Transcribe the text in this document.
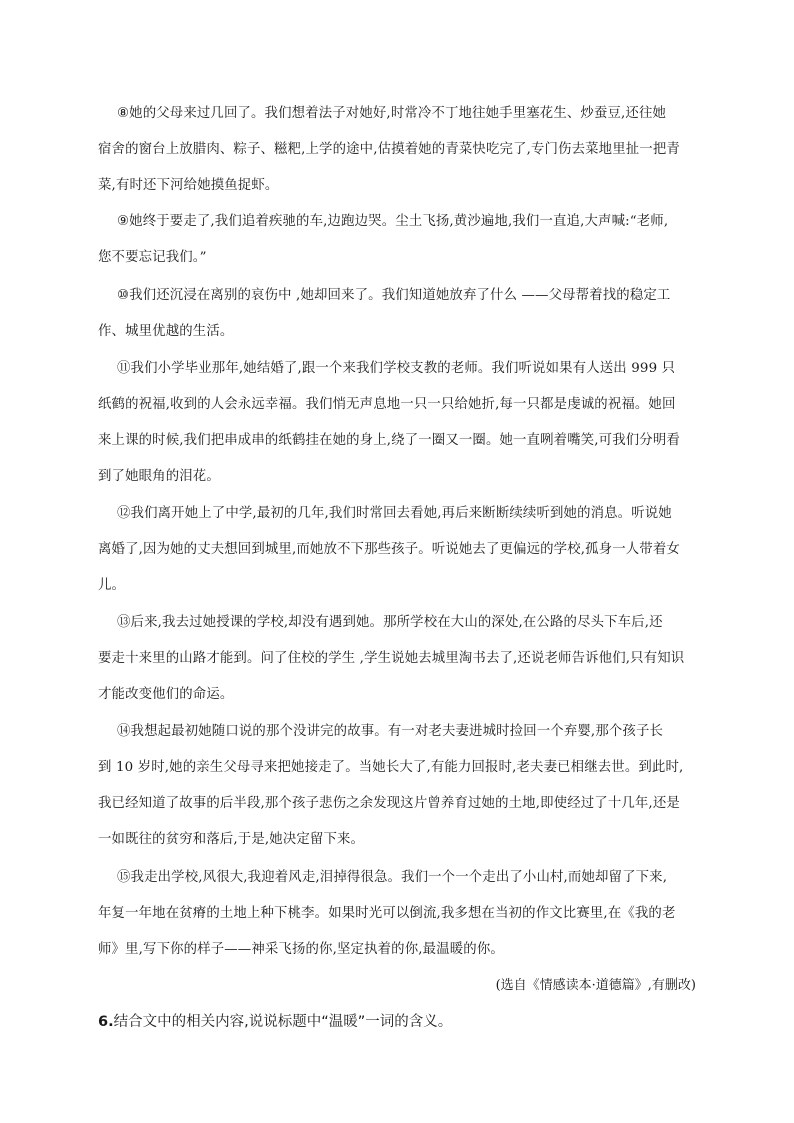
⑧她的父母来过几回了。我们想着法子对她好,时常冷不丁地往她手里塞花生、炒蚕豆,还往她
宿舍的窗台上放腊肉、粽子、糍粑,上学的途中,估摸着她的青菜快吃完了,专门伤去菜地里扯一把青
菜,有时还下河给她摸鱼捉虾。
⑨她终于要走了,我们追着疾驰的车,边跑边哭。尘土飞扬,黄沙遍地,我们一直追,大声喊:“老师,
您不要忘记我们。”
⑩我们还沉浸在离别的哀伤中 ,她却回来了。我们知道她放弃了什么 ——父母帮着找的稳定工
作、城里优越的生活。
⑪我们小学毕业那年,她结婚了,跟一个来我们学校支教的老师。我们听说如果有人送出 999 只
纸鹤的祝福,收到的人会永远幸福。我们悄无声息地一只一只给她折,每一只都是虔诚的祝福。她回
来上课的时候,我们把串成串的纸鹤挂在她的身上,绕了一圈又一圈。她一直咧着嘴笑,可我们分明看
到了她眼角的泪花。
⑫我们离开她上了中学,最初的几年,我们时常回去看她,再后来断断续续听到她的消息。听说她
离婚了,因为她的丈夫想回到城里,而她放不下那些孩子。听说她去了更偏远的学校,孤身一人带着女
儿。
⑬后来,我去过她授课的学校,却没有遇到她。那所学校在大山的深处,在公路的尽头下车后,还
要走十来里的山路才能到。问了住校的学生 ,学生说她去城里淘书去了,还说老师告诉他们,只有知识
才能改变他们的命运。
⑭我想起最初她随口说的那个没讲完的故事。有一对老夫妻进城时捡回一个弃婴,那个孩子长
到 10 岁时,她的亲生父母寻来把她接走了。当她长大了,有能力回报时,老夫妻已相继去世。到此时,
我已经知道了故事的后半段,那个孩子悲伤之余发现这片曾养育过她的土地,即使经过了十几年,还是
一如既往的贫穷和落后,于是,她决定留下来。
⑮我走出学校,风很大,我迎着风走,泪掉得很急。我们一个一个走出了小山村,而她却留了下来,
年复一年地在贫瘠的土地上种下桃李。如果时光可以倒流,我多想在当初的作文比赛里,在《我的老
师》里,写下你的样子——神采飞扬的你,坚定执着的你,最温暖的你。
(选自《情感读本·道德篇》,有删改)
6.结合文中的相关内容,说说标题中“温暖”一词的含义。
